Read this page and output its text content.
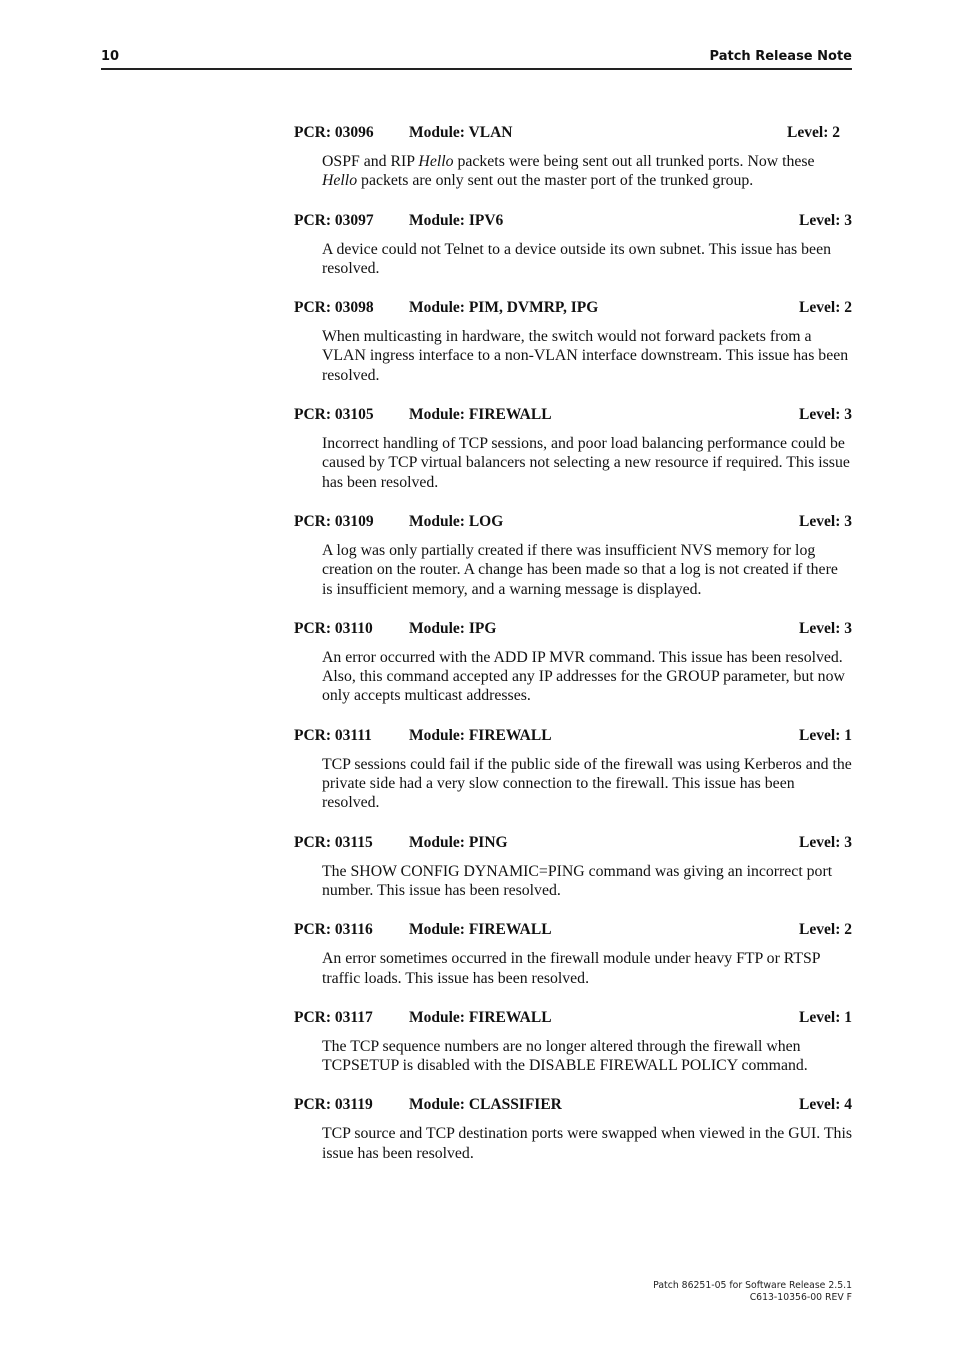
10	Patch Release Note
PCR: 03096 Module: VLAN	Level: 2

OSPF and RIP Hello packets were being sent out all trunked ports. Now these Hello packets are only sent out the master port of the trunked group.

PCR: 03097 Module: IPV6	Level: 3

A device could not Telnet to a device outside its own subnet. This issue has been resolved.

PCR: 03098 Module: PIM, DVMRP, IPG	Level: 2

When multicasting in hardware, the switch would not forward packets from a VLAN ingress interface to a non-VLAN interface downstream. This issue has been resolved.

PCR: 03105 Module: FIREWALL	Level: 3

Incorrect handling of TCP sessions, and poor load balancing performance could be caused by TCP virtual balancers not selecting a new resource if required. This issue has been resolved.

PCR: 03109 Module: LOG	Level: 3

A log was only partially created if there was insufficient NVS memory for log creation on the router. A change has been made so that a log is not created if there is insufficient memory, and a warning message is displayed.

PCR: 03110 Module: IPG	Level: 3

An error occurred with the ADD IP MVR command. This issue has been resolved. Also, this command accepted any IP addresses for the GROUP parameter, but now only accepts multicast addresses.

PCR: 03111 Module: FIREWALL	Level: 1

TCP sessions could fail if the public side of the firewall was using Kerberos and the private side had a very slow connection to the firewall. This issue has been resolved.

PCR: 03115 Module: PING	Level: 3

The SHOW CONFIG DYNAMIC=PING command was giving an incorrect port number. This issue has been resolved.

PCR: 03116 Module: FIREWALL	Level: 2

An error sometimes occurred in the firewall module under heavy FTP or RTSP traffic loads. This issue has been resolved.

PCR: 03117 Module: FIREWALL	Level: 1

The TCP sequence numbers are no longer altered through the firewall when TCPSETUP is disabled with the DISABLE FIREWALL POLICY command.

PCR: 03119 Module: CLASSIFIER	Level: 4

TCP source and TCP destination ports were swapped when viewed in the GUI. This issue has been resolved.

Patch 86251-05 for Software Release 2.5.1
C613-10356-00 REV F
